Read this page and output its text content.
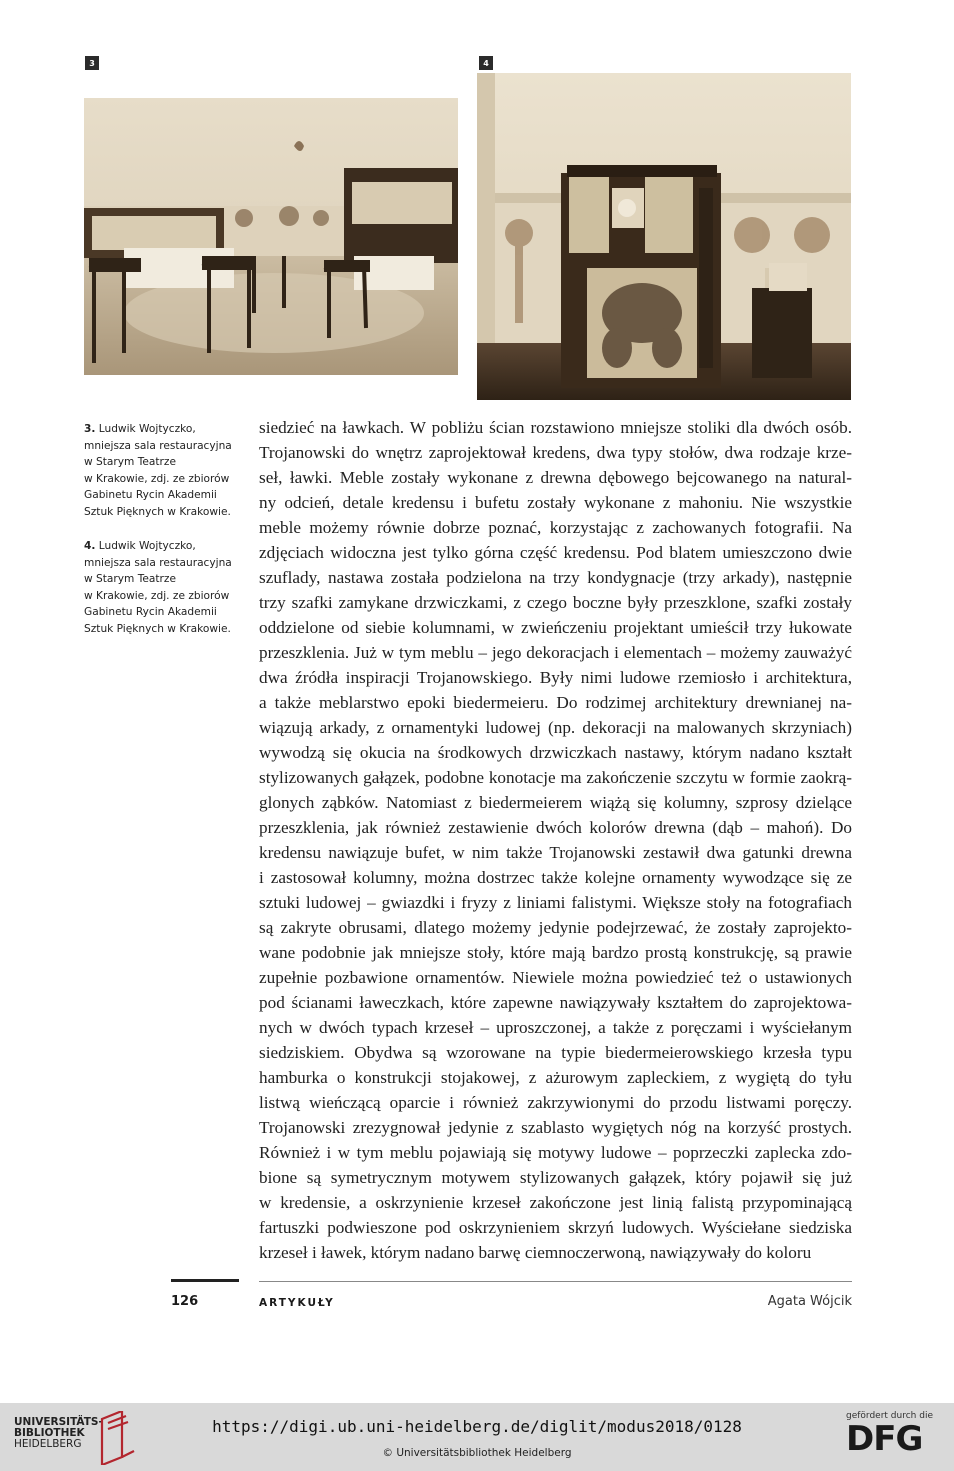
3	4
3. Ludwik Wojtyczko,
mniejsza sala restauracyjna
w Starym Teatrze
w Krakowie, zdj. ze zbiorów
Gabinetu Rycin Akademii
Sztuk Pięknych w Krakowie.
4. Ludwik Wojtyczko,
mniejsza sala restauracyjna
w Starym Teatrze
w Krakowie, zdj. ze zbiorów
Gabinetu Rycin Akademii
Sztuk Pięknych w Krakowie.
siedzieć na ławkach. W pobliżu ścian rozstawiono mniejsze stoliki dla dwóch osób.
Trojanowski do wnętrz zaprojektował kredens, dwa typy stołów, dwa rodzaje krze-
seł, ławki. Meble zostały wykonane z drewna dębowego bejcowanego na natural-
ny odcień, detale kredensu i bufetu zostały wykonane z mahoniu. Nie wszystkie
meble możemy równie dobrze poznać, korzystając z zachowanych fotografii. Na
zdjęciach widoczna jest tylko górna część kredensu. Pod blatem umieszczono dwie
szuflady, nastawa została podzielona na trzy kondygnacje (trzy arkady), następnie
trzy szafki zamykane drzwiczkami, z czego boczne były przeszklone, szafki zostały
oddzielone od siebie kolumnami, w zwieńczeniu projektant umieścił trzy łukowate
przeszklenia. Już w tym meblu – jego dekoracjach i elementach – możemy zauważyć
dwa źródła inspiracji Trojanowskiego. Były nimi ludowe rzemiosło i architektura,
a także meblarstwo epoki biedermeieru. Do rodzimej architektury drewnianej na-
wiązują arkady, z ornamentyki ludowej (np. dekoracji na malowanych skrzyniach)
wywodzą się okucia na środkowych drzwiczkach nastawy, którym nadano kształt
stylizowanych gałązek, podobne konotacje ma zakończenie szczytu w formie zaokrą-
glonych ząbków. Natomiast z biedermeierem wiążą się kolumny, szprosy dzielące
przeszklenia, jak również zestawienie dwóch kolorów drewna (dąb – mahoń). Do
kredensu nawiązuje bufet, w nim także Trojanowski zestawił dwa gatunki drewna
i zastosował kolumny, można dostrzec także kolejne ornamenty wywodzące się ze
sztuki ludowej – gwiazdki i fryzy z liniami falistymi. Większe stoły na fotografiach
są zakryte obrusami, dlatego możemy jedynie podejrzewać, że zostały zaprojekto-
wane podobnie jak mniejsze stoły, które mają bardzo prostą konstrukcję, są prawie
zupełnie pozbawione ornamentów. Niewiele można powiedzieć też o ustawionych
pod ścianami ławeczkach, które zapewne nawiązywały kształtem do zaprojektowa-
nych w dwóch typach krzeseł – uproszczonej, a także z poręczami i wyściełanym
siedziskiem. Obydwa są wzorowane na typie biedermeierowskiego krzesła typu
hamburka o konstrukcji stojakowej, z ażurowym zapleckiem, z wygiętą do tyłu
listwą wieńczącą oparcie i również zakrzywionymi do przodu listwami poręczy.
Trojanowski zrezygnował jedynie z szablasto wygiętych nóg na korzyść prostych.
Również i w tym meblu pojawiają się motywy ludowe – poprzeczki zaplecka zdo-
bione są symetrycznym motywem stylizowanych gałązek, który pojawił się już
w kredensie, a oskrzynienie krzeseł zakończone jest linią falistą przypominającą
fartuszki podwieszone pod oskrzynieniem skrzyń ludowych. Wyściełane siedziska
krzeseł i ławek, którym nadano barwę ciemnoczerwoną, nawiązywały do koloru
126	ARTYKUŁY	Agata Wójcik
UNIVERSITÄTS-
BIBLIOTHEK
HEIDELBERG
https://digi.ub.uni-heidelberg.de/diglit/modus2018/0128
© Universitätsbibliothek Heidelberg
gefördert durch die
DFG
